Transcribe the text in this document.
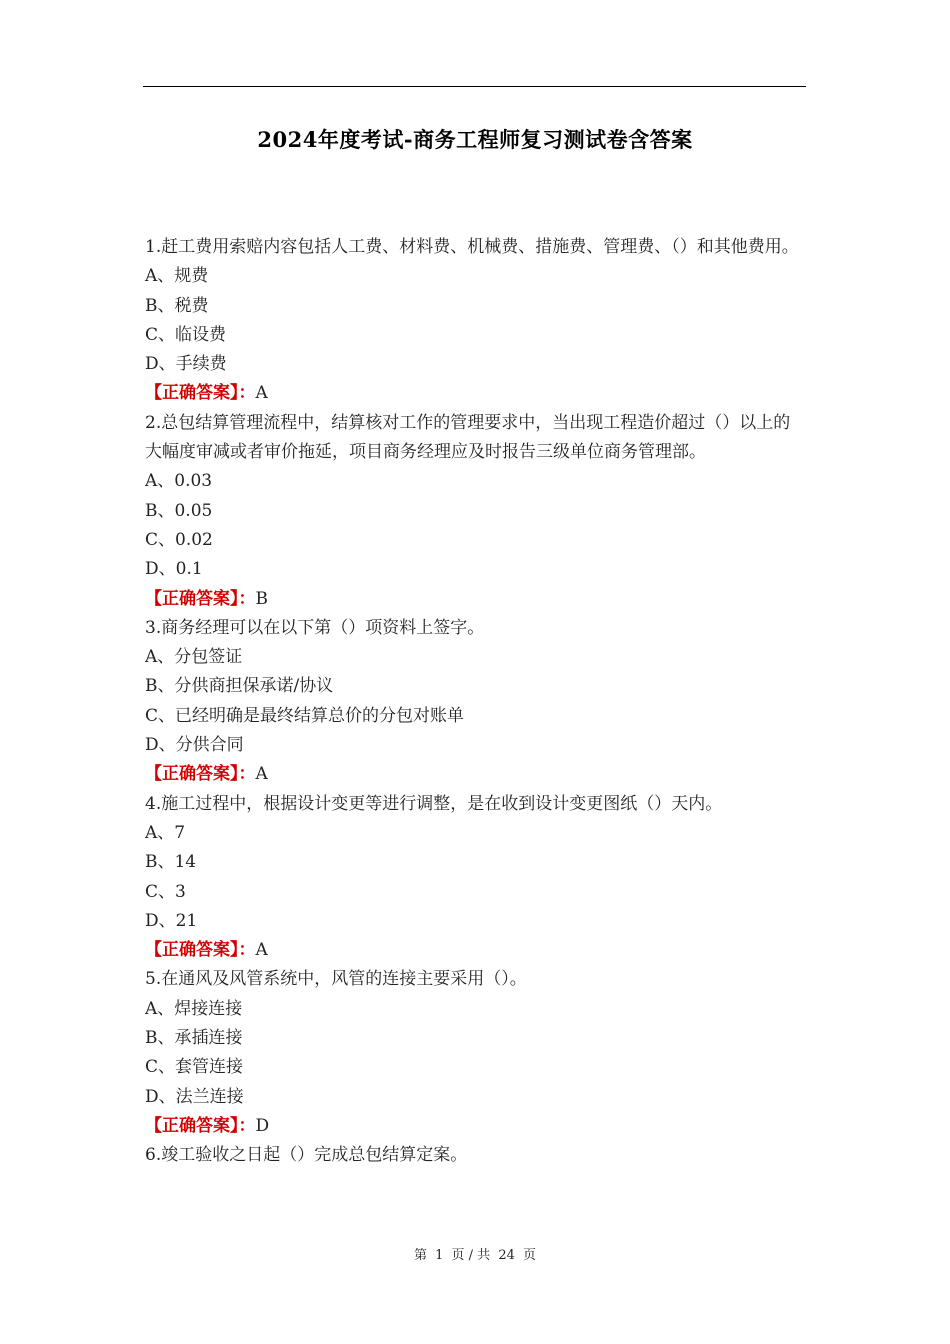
2024年度考试-商务工程师复习测试卷含答案

1.赶工费用索赔内容包括人工费、材料费、机械费、措施费、管理费、（）和其他费用。

A、规费

B、税费

C、临设费

D、手续费

【正确答案】：A

2.总包结算管理流程中，结算核对工作的管理要求中，当出现工程造价超过（）以上的大幅度审减或者审价拖延，项目商务经理应及时报告三级单位商务管理部。

A、0.03

B、0.05

C、0.02

D、0.1

【正确答案】：B

3.商务经理可以在以下第（）项资料上签字。

A、分包签证

B、分供商担保承诺/协议

C、已经明确是最终结算总价的分包对账单

D、分供合同

【正确答案】：A

4.施工过程中，根据设计变更等进行调整，是在收到设计变更图纸（）天内。

A、7

B、14

C、3

D、21

【正确答案】：A

5.在通风及风管系统中，风管的连接主要采用（）。

A、焊接连接

B、承插连接

C、套管连接

D、法兰连接

【正确答案】：D

6.竣工验收之日起（）完成总包结算定案。

第 1 页 / 共 24 页
